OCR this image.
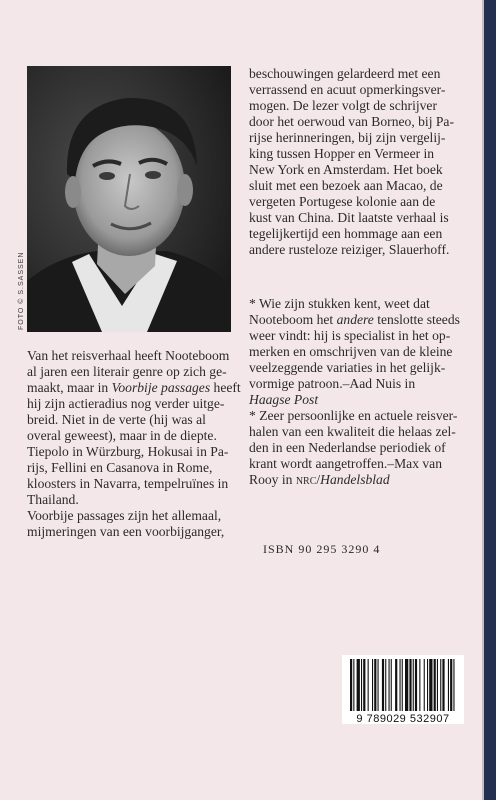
FOTO © S.SASSEN

beschouwingen gelardeerd met een
verrassend en acuut opmerkingsver-
mogen. De lezer volgt de schrijver
door het oerwoud van Borneo, bij Pa-
rijse herinneringen, bij zijn vergelij-
king tussen Hopper en Vermeer in
New York en Amsterdam. Het boek
sluit met een bezoek aan Macao, de
vergeten Portugese kolonie aan de
kust van China. Dit laatste verhaal is
tegelijkertijd een hommage aan een
andere rusteloze reiziger, Slauerhoff.

* Wie zijn stukken kent, weet dat
Nooteboom het andere tenslotte steeds
weer vindt: hij is specialist in het op-
merken en omschrijven van de kleine
veelzeggende variaties in het gelijk-
vormige patroon.–Aad Nuis in
Haagse Post

* Zeer persoonlijke en actuele reisver-
halen van een kwaliteit die helaas zel-
den in een Nederlandse periodiek of
krant wordt aangetroffen.–Max van
Rooy in nrc/Handelsblad

Van het reisverhaal heeft Nooteboom
al jaren een literair genre op zich ge-
maakt, maar in Voorbije passages heeft
hij zijn actieradius nog verder uitge-
breid. Niet in de verte (hij was al
overal geweest), maar in de diepte.
Tiepolo in Würzburg, Hokusai in Pa-
rijs, Fellini en Casanova in Rome,
kloosters in Navarra, tempelruïnes in
Thailand.
Voorbije passages zijn het allemaal,
mijmeringen van een voorbijganger,

ISBN 90 295 3290 4
9 789029 532907
